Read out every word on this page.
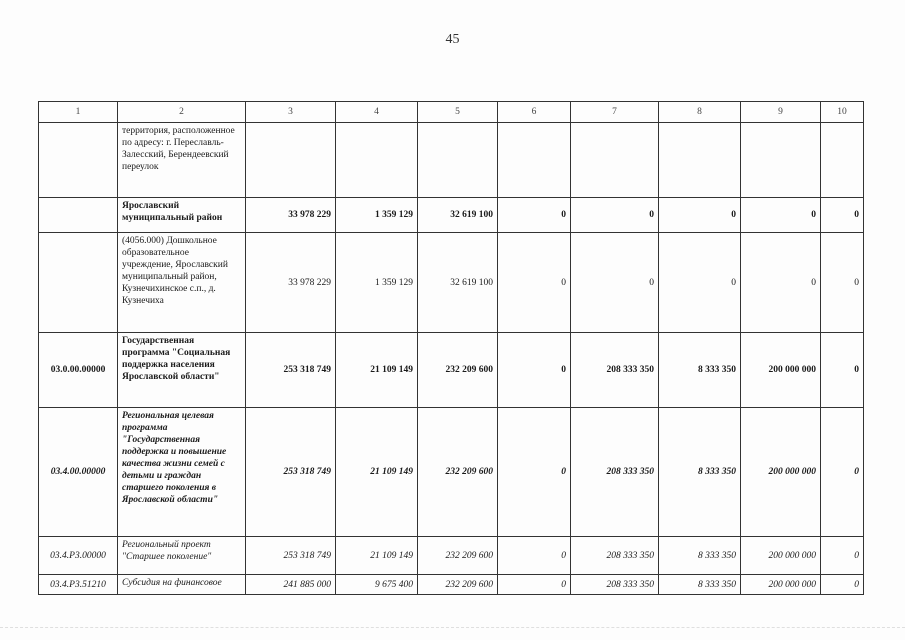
45
1	2	3	4	5	6	7	8	9	10
	территория, расположенное по адресу: г. Переславль-Залесский, Берендеевский переулок								
	Ярославский муниципальный район	33 978 229	1 359 129	32 619 100	0	0	0	0	0
	(4056.000) Дошкольное образовательное учреждение, Ярославский муниципальный район, Кузнечихинское с.п., д. Кузнечиха	33 978 229	1 359 129	32 619 100	0	0	0	0	0
03.0.00.00000	Государственная программа "Социальная поддержка населения Ярославской области"	253 318 749	21 109 149	232 209 600	0	208 333 350	8 333 350	200 000 000	0
03.4.00.00000	Региональная целевая программа "Государственная поддержка и повышение качества жизни семей с детьми и граждан старшего поколения в Ярославской области"	253 318 749	21 109 149	232 209 600	0	208 333 350	8 333 350	200 000 000	0
03.4.P3.00000	Региональный проект "Старшее поколение"	253 318 749	21 109 149	232 209 600	0	208 333 350	8 333 350	200 000 000	0
03.4.P3.51210	Субсидия на финансовое	241 885 000	9 675 400	232 209 600	0	208 333 350	8 333 350	200 000 000	0
